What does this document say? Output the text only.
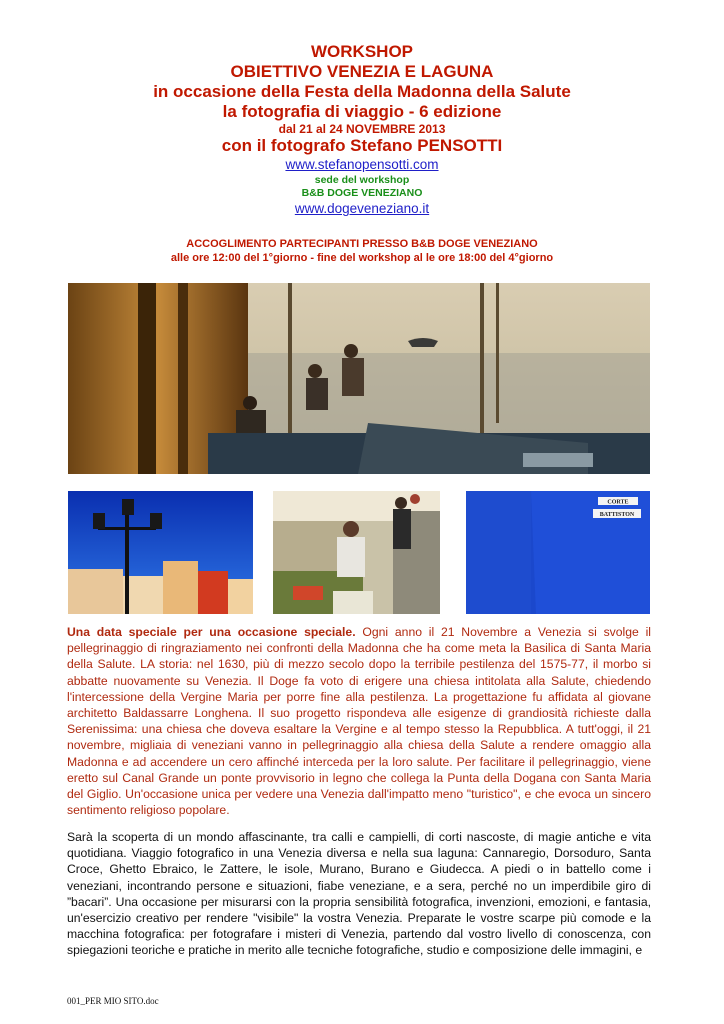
WORKSHOP
OBIETTIVO VENEZIA E LAGUNA
in occasione della Festa della Madonna della Salute
la fotografia di viaggio - 6 edizione
dal 21 al 24 NOVEMBRE 2013
con il fotografo Stefano PENSOTTI
www.stefanopensotti.com
sede del workshop
B&B DOGE VENEZIANO
www.dogeveneziano.it
ACCOGLIMENTO PARTECIPANTI PRESSO B&B DOGE VENEZIANO
alle ore 12:00 del 1°giorno - fine del workshop al le ore 18:00 del 4°giorno
CORTE
BATTISTON
Una data speciale per una occasione speciale. Ogni anno il 21 Novembre a Venezia si svolge il pellegrinaggio di ringraziamento nei confronti della Madonna che ha come meta la Basilica di Santa Maria della Salute. LA storia: nel 1630, più di mezzo secolo dopo la terribile pestilenza del 1575-77, il morbo si abbatte nuovamente su Venezia. Il Doge fa voto di erigere una chiesa intitolata alla Salute, chiedendo l'intercessione della Vergine Maria per porre fine alla pestilenza. La progettazione fu affidata al giovane architetto Baldassarre Longhena. Il suo progetto rispondeva alle esigenze di grandiosità richieste dalla Serenissima: una chiesa che doveva esaltare la Vergine e al tempo stesso la Repubblica. A tutt'oggi, il 21 novembre, migliaia di veneziani vanno in pellegrinaggio alla chiesa della Salute a rendere omaggio alla Madonna e ad accendere un cero affinché interceda per la loro salute. Per facilitare il pellegrinaggio, viene eretto sul Canal Grande un ponte provvisorio in legno che collega la Punta della Dogana con Santa Maria del Giglio. Un'occasione unica per vedere una Venezia dall'impatto meno "turistico", e che evoca un sincero sentimento religioso popolare.
Sarà la scoperta di un mondo affascinante, tra calli e campielli, di corti nascoste, di magie antiche e vita quotidiana. Viaggio fotografico in una Venezia diversa e nella sua laguna: Cannaregio, Dorsoduro, Santa Croce, Ghetto Ebraico, le Zattere, le isole, Murano, Burano e Giudecca. A piedi o in battello come i veneziani, incontrando persone e situazioni, fiabe veneziane, e a sera, perché no un imperdibile giro di ”bacari”. Una occasione per misurarsi con la propria sensibilità fotografica, invenzioni, emozioni, e fantasia, un'esercizio creativo per rendere "visibile" la vostra Venezia. Preparate le vostre scarpe più comode e la macchina fotografica: per fotografare i misteri di Venezia, partendo dal vostro livello di conoscenza, con spiegazioni teoriche e pratiche in merito alle tecniche fotografiche, studio e composizione delle immagini, e
001_PER MIO SITO.doc
